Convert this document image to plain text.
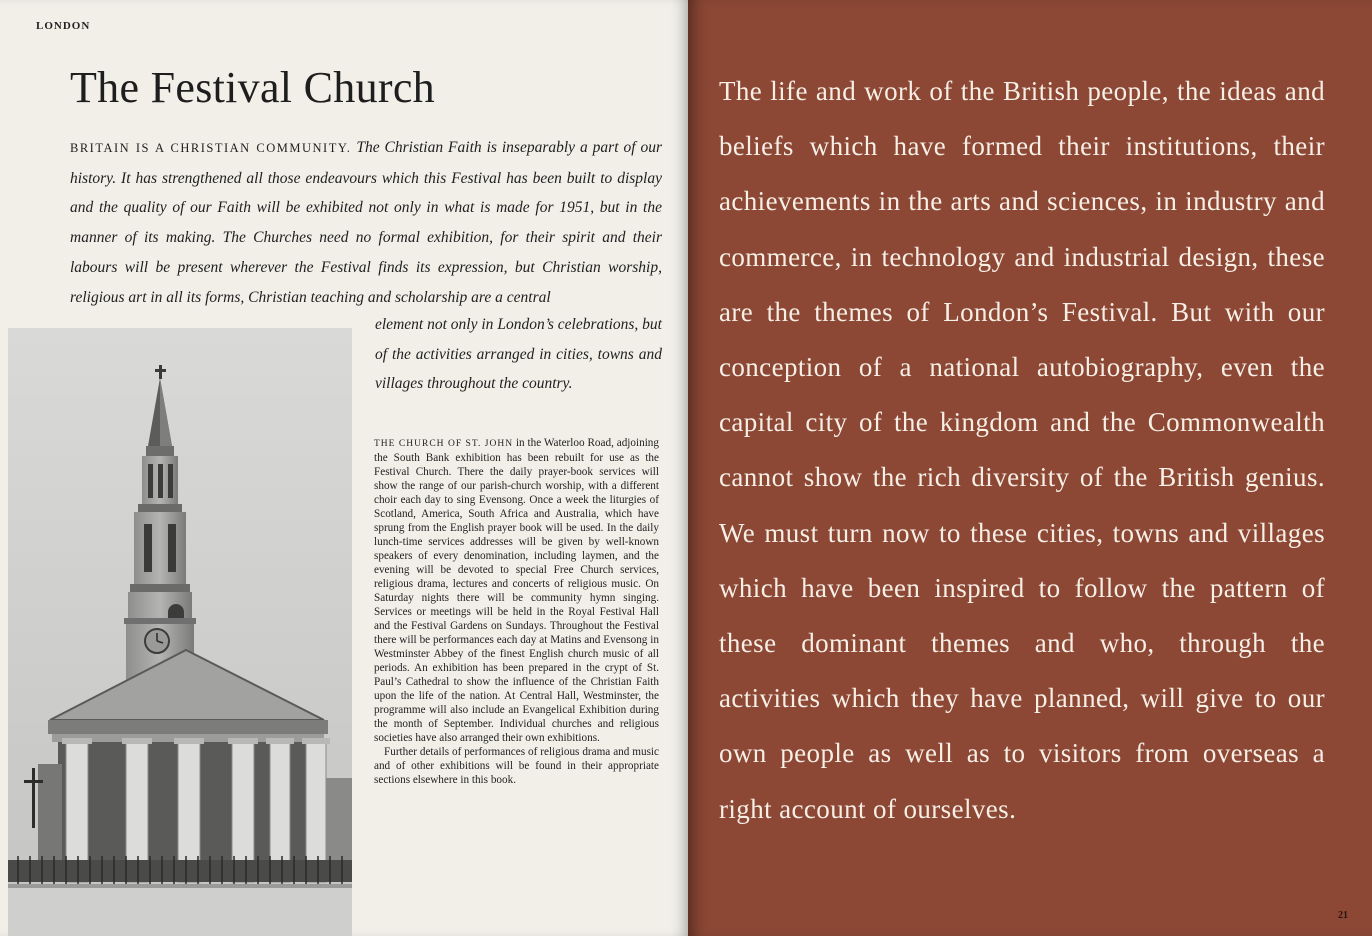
LONDON
The Festival Church
BRITAIN IS A CHRISTIAN COMMUNITY. The Christian Faith is inseparably a part of our history. It has strengthened all those endeavours which this Festival has been built to display and the quality of our Faith will be exhibited not only in what is made for 1951, but in the manner of its making. The Churches need no formal exhibition, for their spirit and their labours will be present wherever the Festival finds its expression, but Christian worship, religious art in all its forms, Christian teaching and scholarship are a central
element not only in London’s celebrations, but of the activities arranged in cities, towns and villages throughout the country.

THE CHURCH OF ST. JOHN in the Waterloo Road, adjoining the South Bank exhibition has been rebuilt for use as the Festival Church. There the daily prayer-book services will show the range of our parish-church worship, with a different choir each day to sing Evensong. Once a week the liturgies of Scotland, America, South Africa and Australia, which have sprung from the English prayer book will be used. In the daily lunch-time services addresses will be given by well-known speakers of every denomination, including laymen, and the evening will be devoted to special Free Church services, religious drama, lectures and concerts of religious music. On Saturday nights there will be community hymn singing. Services or meetings will be held in the Royal Festival Hall and the Festival Gardens on Sundays. Throughout the Festival there will be performances each day at Matins and Evensong in Westminster Abbey of the finest English church music of all periods. An exhibition has been prepared in the crypt of St. Paul’s Cathedral to show the influence of the Christian Faith upon the life of the nation. At Central Hall, Westminster, the programme will also include an Evangelical Exhibition during the month of September. Individual churches and religious societies have also arranged their own exhibitions.

Further details of performances of religious drama and music and of other exhibitions will be found in their appropriate sections elsewhere in this book.

The life and work of the British people, the ideas and beliefs which have formed their institutions, their achievements in the arts and sciences, in industry and commerce, in technology and industrial design, these are the themes of London’s Festival. But with our conception of a national autobiography, even the capital city of the kingdom and the Commonwealth cannot show the rich diversity of the British genius. We must turn now to these cities, towns and villages which have been inspired to follow the pattern of these dominant themes and who, through the activities which they have planned, will give to our own people as well as to visitors from overseas a right account of ourselves.
21
